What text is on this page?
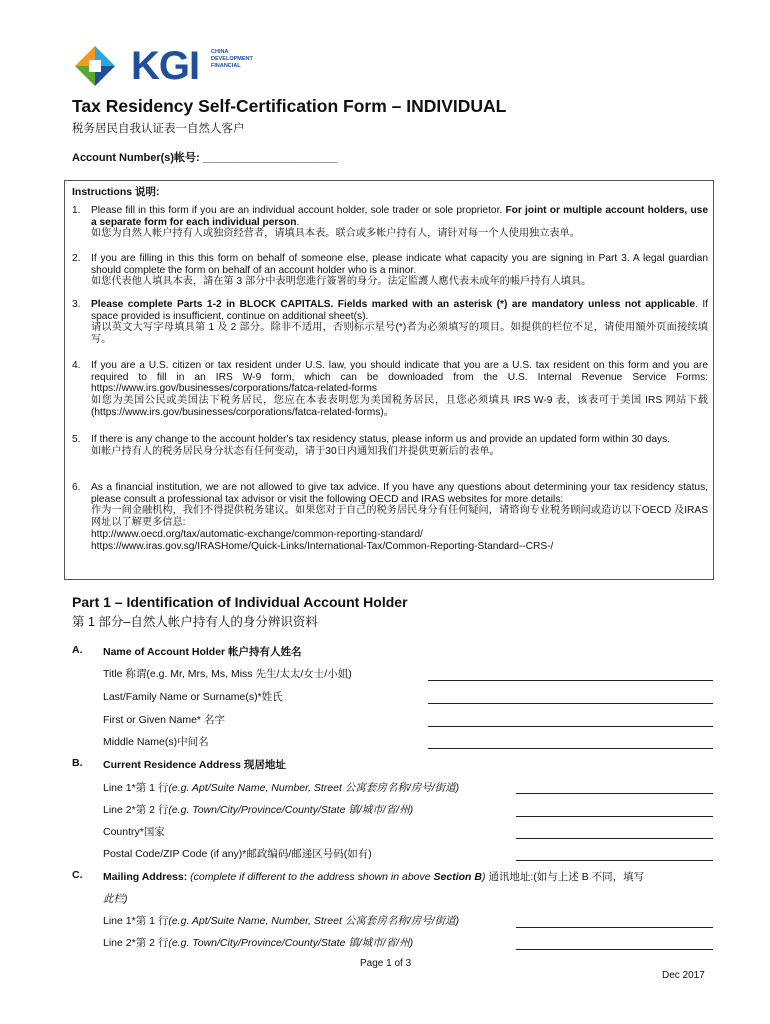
KGI CHINA
DEVELOPMENT
FINANCIAL
Tax Residency Self-Certification Form – INDIVIDUAL
税务居民自我认证表一自然人客户
Account Number(s)帐号: ______________________
Instructions 说明:
1. Please fill in this form if you are an individual account holder, sole trader or sole proprietor. For joint or multiple account holders, use a separate form for each individual person.
如您为自然人帐户持有人或独资经营者，请填具本表。联合或多帐户持有人，请针对每一个人使用独立表单。
2. If you are filling in this this form on behalf of someone else, please indicate what capacity you are signing in Part 3. A legal guardian should complete the form on behalf of an account holder who is a minor.
如您代表他人填具本表，請在第 3 部分中表明您進行簽署的身分。法定監護人應代表未成年的帳戶持有人填具。
3. Please complete Parts 1-2 in BLOCK CAPITALS. Fields marked with an asterisk (*) are mandatory unless not applicable. If space provided is insufficient, continue on additional sheet(s).
请以英文大写字母填具第 1 及 2 部分。除非不适用，否则标示星号(*)者为必须填写的项目。如提供的栏位不足，请使用額外页面接续填写。
4. If you are a U.S. citizen or tax resident under U.S. law, you should indicate that you are a U.S. tax resident on this form and you are required to fill in an IRS W-9 form, which can be downloaded from the U.S. Internal Revenue Service Forms: https://www.irs.gov/businesses/corporations/fatca-related-forms
如您为美国公民或美国法下税务居民，您应在本表表明您为美国税务居民，且您必须填具 IRS W-9 表，该表可于美国 IRS 网站下载(https://www.irs.gov/businesses/corporations/fatca-related-forms)。
5. If there is any change to the account holder's tax residency status, please inform us and provide an updated form within 30 days.
如帐户持有人的税务居民身分状态有任何变动，请于30日内通知我们并提供更新后的表单。
6. As a financial institution, we are not allowed to give tax advice. If you have any questions about determining your tax residency status, please consult a professional tax advisor or visit the following OECD and IRAS websites for more details:
作为一间金融机构，我们不得提供税务建议。如果您对于自己的税务居民身分有任何疑问，请谘询专业税务顾问或造访以下OECD 及IRAS 网址以了解更多信息:
http://www.oecd.org/tax/automatic-exchange/common-reporting-standard/
https://www.iras.gov.sg/IRASHome/Quick-Links/International-Tax/Common-Reporting-Standard--CRS-/
Part 1 – Identification of Individual Account Holder
第 1 部分–自然人帐户持有人的身分辨识资料
A. Name of Account Holder 帐户持有人姓名
Title 称谓(e.g. Mr, Mrs, Ms, Miss 先生/太太/女士/小姐)
Last/Family Name or Surname(s)*姓氏
First or Given Name* 名字
Middle Name(s)中间名
B. Current Residence Address 现居地址
Line 1*第 1 行(e.g. Apt/Suite Name, Number, Street 公寓套房名称/房号/街道)
Line 2*第 2 行(e.g. Town/City/Province/County/State 镇/城市/省/州)
Country*国家
Postal Code/ZIP Code (if any)*邮政编码/邮递区号码(如有)
C. Mailing Address: (complete if different to the address shown in above Section B) 通讯地址:(如与上述 B 不同，填写
此栏)
Line 1*第 1 行(e.g. Apt/Suite Name, Number, Street 公寓套房名称/房号/街道)
Line 2*第 2 行(e.g. Town/City/Province/County/State 镇/城市/省/州)
Page 1 of 3
Dec 2017
